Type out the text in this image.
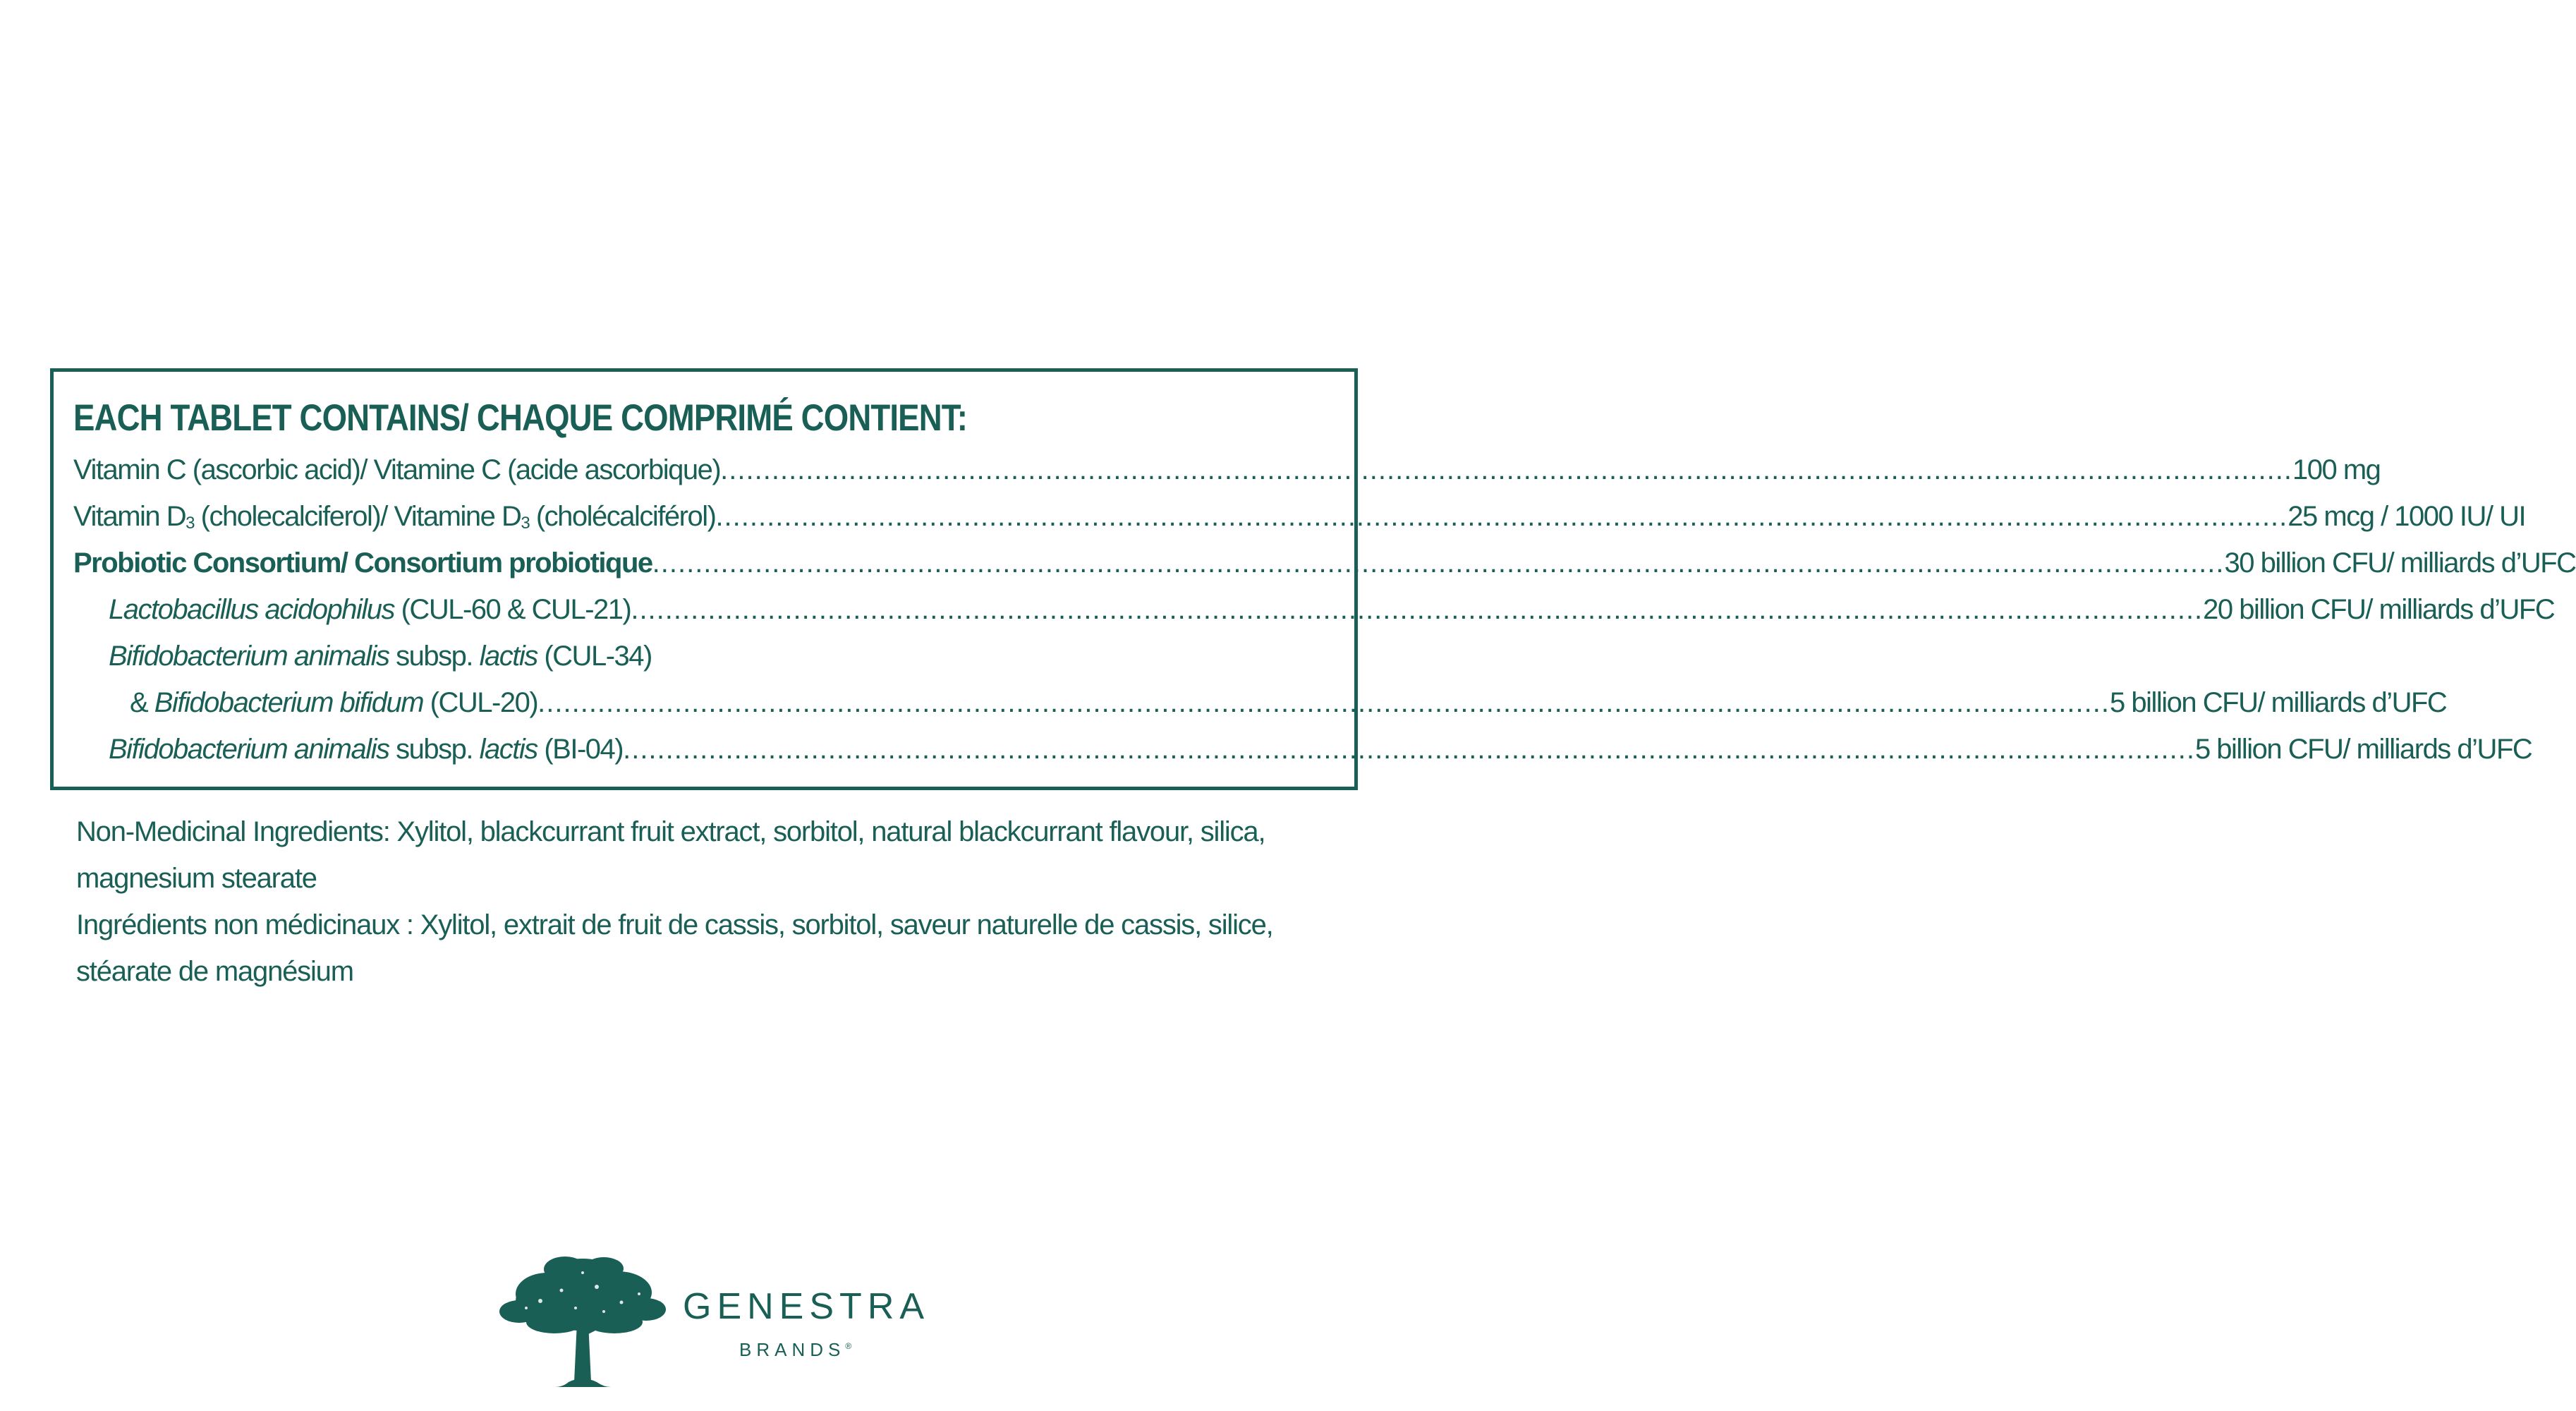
EACH TABLET CONTAINS/ CHAQUE COMPRIMÉ CONTIENT:
Vitamin C (ascorbic acid)/ Vitamine C (acide ascorbique) ........................................................................................................................................................................................ 100 mg
Vitamin $D_3$ (cholecalciferol)/ Vitamine $D_3$ (cholécalciférol) ........................................................................................................................................................................................ 25 mcg / 1000 IU/ UI
Probiotic Consortium/ Consortium probiotique ........................................................................................................................................................................................ 30 billion CFU/ milliards d’UFC
Lactobacillus acidophilus (CUL-60 & CUL-21) ........................................................................................................................................................................................ 20 billion CFU/ milliards d’UFC
Bifidobacterium animalis subsp. lactis (CUL-34)
& Bifidobacterium bifidum (CUL-20) ........................................................................................................................................................................................ 5 billion CFU/ milliards d’UFC
Bifidobacterium animalis subsp. lactis (BI-04) ........................................................................................................................................................................................ 5 billion CFU/ milliards d’UFC

Non-Medicinal Ingredients: Xylitol, blackcurrant fruit extract, sorbitol, natural blackcurrant flavour, silica, magnesium stearate

Ingrédients non médicinaux : Xylitol, extrait de fruit de cassis, sorbitol, saveur naturelle de cassis, silice, stéarate de magnésium

GENESTRA
BRANDS®
